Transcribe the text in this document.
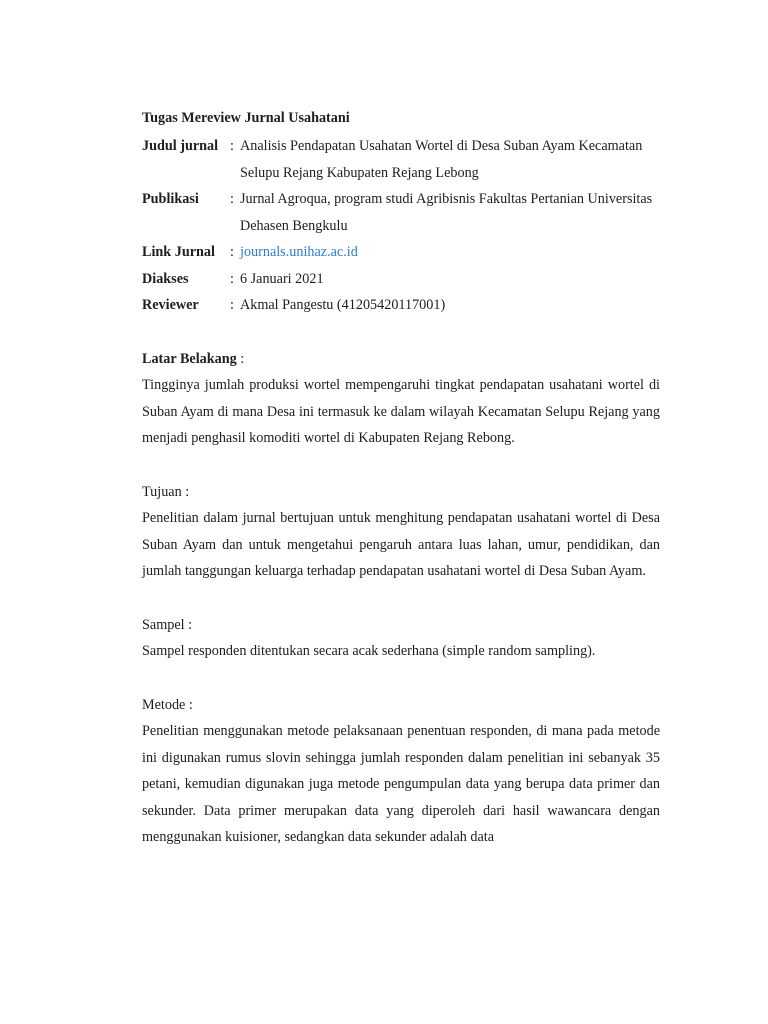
Tugas Mereview Jurnal Usahatani
Judul jurnal : Analisis Pendapatan Usahatan Wortel di Desa Suban Ayam Kecamatan Selupu Rejang Kabupaten Rejang Lebong
Publikasi	: Jurnal Agroqua, program studi Agribisnis Fakultas Pertanian Universitas Dehasen Bengkulu
Link Jurnal	: journals.unihaz.ac.id
Diakses	: 6 Januari 2021
Reviewer	: Akmal Pangestu (41205420117001)
Latar Belakang :
Tingginya jumlah produksi wortel mempengaruhi tingkat pendapatan usahatani wortel di Suban Ayam di mana Desa ini termasuk ke dalam wilayah Kecamatan Selupu Rejang yang menjadi penghasil komoditi wortel di Kabupaten Rejang Rebong.
Tujuan :
Penelitian dalam jurnal bertujuan untuk menghitung pendapatan usahatani wortel di Desa Suban Ayam dan untuk mengetahui pengaruh antara luas lahan, umur, pendidikan, dan jumlah tanggungan keluarga terhadap pendapatan usahatani wortel di Desa Suban Ayam.
Sampel :
Sampel responden ditentukan secara acak sederhana (simple random sampling).
Metode :
Penelitian menggunakan metode pelaksanaan penentuan responden, di mana pada metode ini digunakan rumus slovin sehingga jumlah responden dalam penelitian ini sebanyak 35 petani, kemudian digunakan juga metode pengumpulan data yang berupa data primer dan sekunder. Data primer merupakan data yang diperoleh dari hasil wawancara dengan menggunakan kuisioner, sedangkan data sekunder adalah data
